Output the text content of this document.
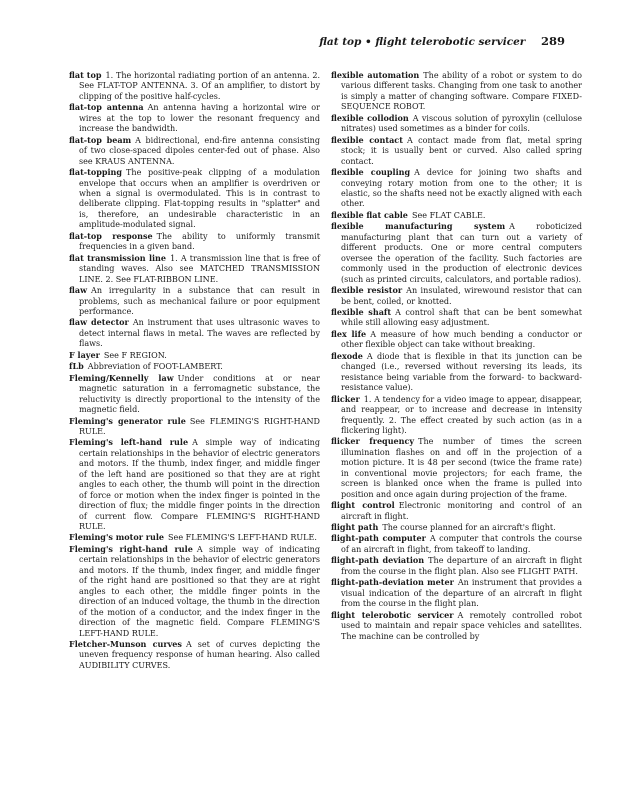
flat top • flight telerobotic servicer 289

flat top  1. The horizontal radiating portion of an antenna. 2. See FLAT-TOP ANTENNA. 3. Of an amplifier, to distort by clipping of the positive half-cycles.

flat-top antenna  An antenna having a horizontal wire or wires at the top to lower the resonant frequency and increase the bandwidth.

flat-top beam  A bidirectional, end-fire antenna consisting of two close-spaced dipoles center-fed out of phase. Also see KRAUS ANTENNA.

flat-topping  The positive-peak clipping of a modulation envelope that occurs when an amplifier is overdriven or when a signal is overmodulated. This is in contrast to deliberate clipping. Flat-topping results in "splatter" and is, therefore, an undesirable characteristic in an amplitude-modulated signal.

flat-top response  The ability to uniformly transmit frequencies in a given band.

flat transmission line  1. A transmission line that is free of standing waves. Also see MATCHED TRANSMISSION LINE. 2. See FLAT-RIBBON LINE.

flaw  An irregularity in a substance that can result in problems, such as mechanical failure or poor equipment performance.

flaw detector  An instrument that uses ultrasonic waves to detect internal flaws in metal. The waves are reflected by flaws.

F layer  See F REGION.

fLb  Abbreviation of FOOT-LAMBERT.

Fleming/Kennelly law  Under conditions at or near magnetic saturation in a ferromagnetic substance, the reluctivity is directly proportional to the intensity of the magnetic field.

Fleming's generator rule  See FLEMING'S RIGHT-HAND RULE.

Fleming's left-hand rule  A simple way of indicating certain relationships in the behavior of electric generators and motors. If the thumb, index finger, and middle finger of the left hand are positioned so that they are at right angles to each other, the thumb will point in the direction of force or motion when the index finger is pointed in the direction of flux; the middle finger points in the direction of current flow. Compare FLEMING'S RIGHT-HAND RULE.

Fleming's motor rule  See FLEMING'S LEFT-HAND RULE.

Fleming's right-hand rule  A simple way of indicating certain relationships in the behavior of electric generators and motors. If the thumb, index finger, and middle finger of the right hand are positioned so that they are at right angles to each other, the middle finger points in the direction of an induced voltage, the thumb in the direction of the motion of a conductor, and the index finger in the direction of the magnetic field. Compare FLEMING'S LEFT-HAND RULE.

Fletcher-Munson curves  A set of curves depicting the uneven frequency response of human hearing. Also called AUDIBILITY CURVES.

flexible automation  The ability of a robot or system to do various different tasks. Changing from one task to another is simply a matter of changing software. Compare FIXED-SEQUENCE ROBOT.

flexible collodion  A viscous solution of pyroxylin (cellulose nitrates) used sometimes as a binder for coils.

flexible contact  A contact made from flat, metal spring stock; it is usually bent or curved. Also called spring contact.

flexible coupling  A device for joining two shafts and conveying rotary motion from one to the other; it is elastic, so the shafts need not be exactly aligned with each other.

flexible flat cable  See FLAT CABLE.

flexible manufacturing system  A roboticized manufacturing plant that can turn out a variety of different products. One or more central computers oversee the operation of the facility. Such factories are commonly used in the production of electronic devices (such as printed circuits, calculators, and portable radios).

flexible resistor  An insulated, wirewound resistor that can be bent, coiled, or knotted.

flexible shaft  A control shaft that can be bent somewhat while still allowing easy adjustment.

flex life  A measure of how much bending a conductor or other flexible object can take without breaking.

flexode  A diode that is flexible in that its junction can be changed (i.e., reversed without reversing its leads, its resistance being variable from the forward- to backward-resistance value).

flicker  1. A tendency for a video image to appear, disappear, and reappear, or to increase and decrease in intensity frequently. 2. The effect created by such action (as in a flickering light).

flicker frequency  The number of times the screen illumination flashes on and off in the projection of a motion picture. It is 48 per second (twice the frame rate) in conventional movie projectors; for each frame, the screen is blanked once when the frame is pulled into position and once again during projection of the frame.

flight control  Electronic monitoring and control of an aircraft in flight.

flight path  The course planned for an aircraft's flight.

flight-path computer  A computer that controls the course of an aircraft in flight, from takeoff to landing.

flight-path deviation  The departure of an aircraft in flight from the course in the flight plan. Also see FLIGHT PATH.

flight-path-deviation meter  An instrument that provides a visual indication of the departure of an aircraft in flight from the course in the flight plan.

flight telerobotic servicer  A remotely controlled robot used to maintain and repair space vehicles and satellites. The machine can be controlled by
